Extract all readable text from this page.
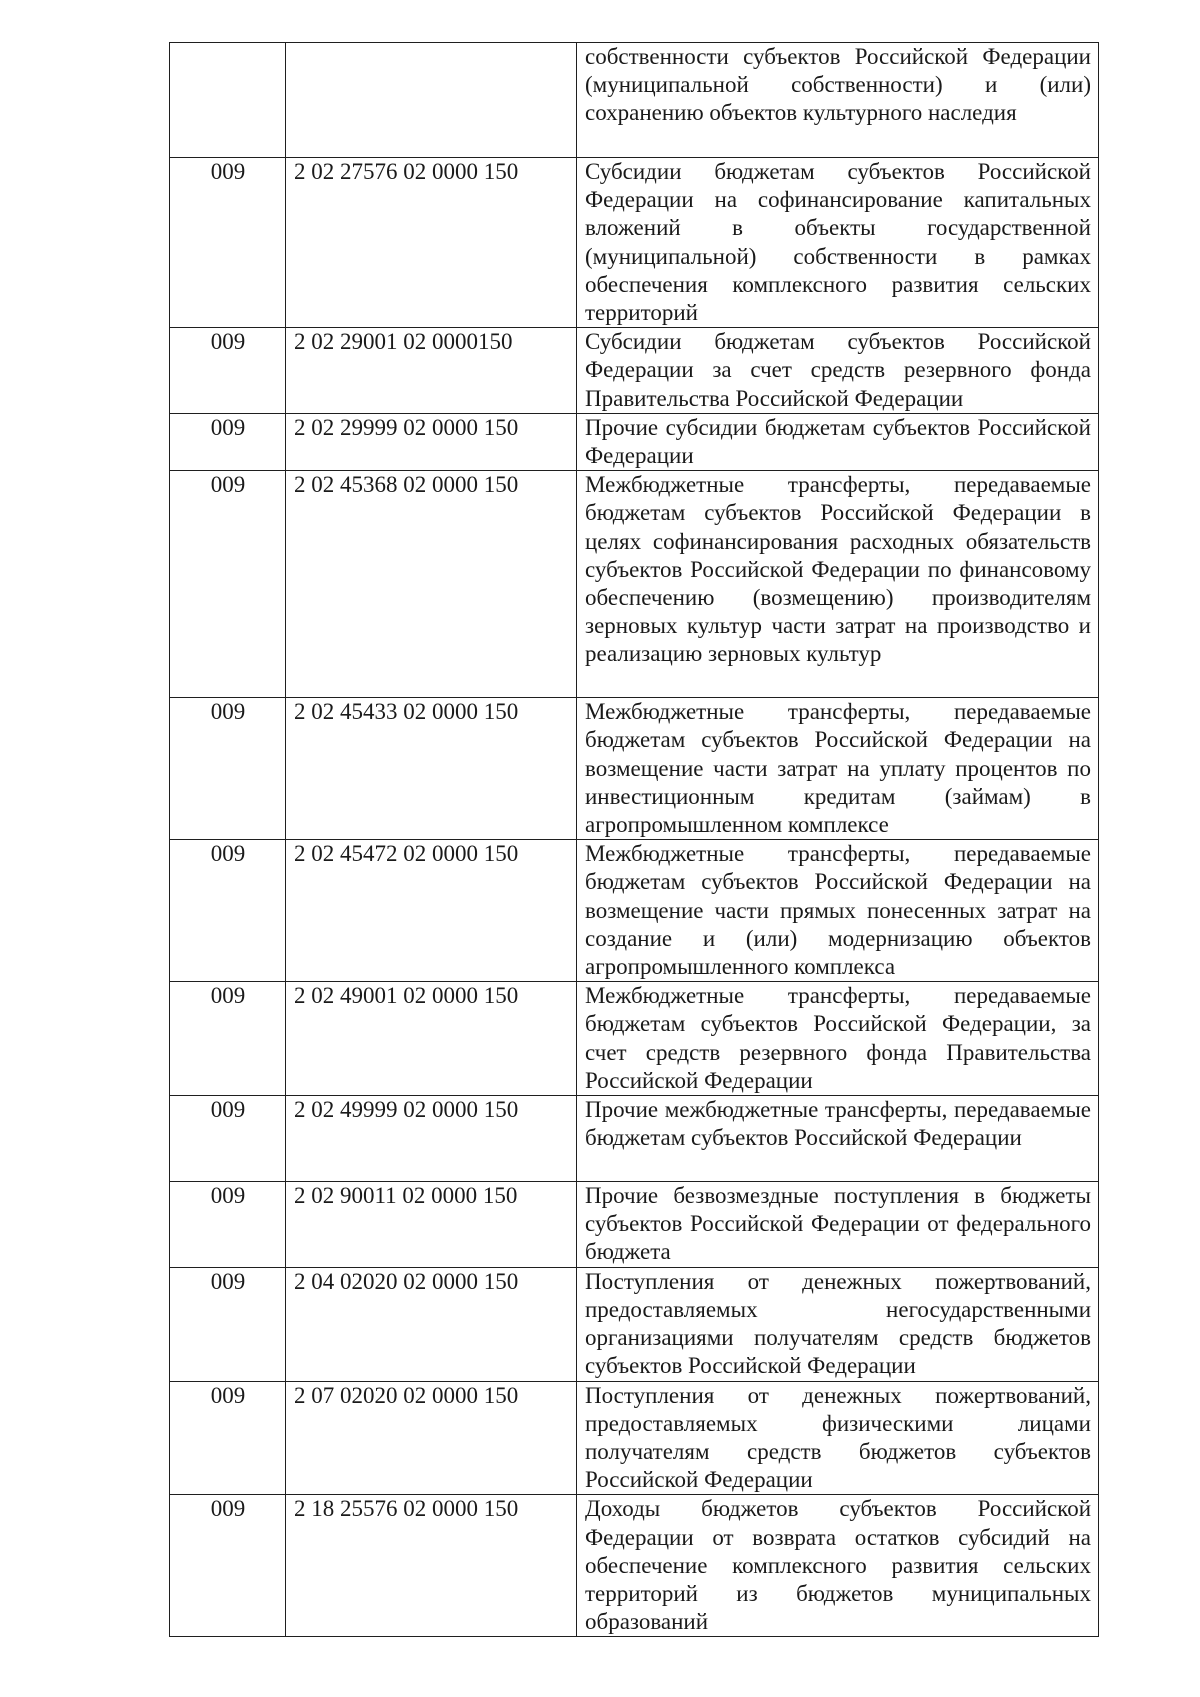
		собственности субъектов Российской Федерации (муниципальной собственности) и (или) сохранению объектов культурного наследия
009	2 02 27576 02 0000 150	Субсидии бюджетам субъектов Российской Федерации на софинансирование капитальных вложений в объекты государственной (муниципальной) собственности в рамках обеспечения комплексного развития сельских территорий
009	2 02 29001 02 0000150	Субсидии бюджетам субъектов Российской Федерации за счет средств резервного фонда Правительства Российской Федерации
009	2 02 29999 02 0000 150	Прочие субсидии бюджетам субъектов Российской Федерации
009	2 02 45368 02 0000 150	Межбюджетные трансферты, передаваемые бюджетам субъектов Российской Федерации в целях софинансирования расходных обязательств субъектов Российской Федерации по финансовому обеспечению (возмещению) производителям зерновых культур части затрат на производство и реализацию зерновых культур
009	2 02 45433 02 0000 150	Межбюджетные трансферты, передаваемые бюджетам субъектов Российской Федерации на возмещение части затрат на уплату процентов по инвестиционным кредитам (займам) в агропромышленном комплексе
009	2 02 45472 02 0000 150	Межбюджетные трансферты, передаваемые бюджетам субъектов Российской Федерации на возмещение части прямых понесенных затрат на создание и (или) модернизацию объектов агропромышленного комплекса
009	2 02 49001 02 0000 150	Межбюджетные трансферты, передаваемые бюджетам субъектов Российской Федерации, за счет средств резервного фонда Правительства Российской Федерации
009	2 02 49999 02 0000 150	Прочие межбюджетные трансферты, передаваемые бюджетам субъектов Российской Федерации
009	2 02 90011 02 0000 150	Прочие безвозмездные поступления в бюджеты субъектов Российской Федерации от федерального бюджета
009	2 04 02020 02 0000 150	Поступления от денежных пожертвований, предоставляемых негосударственными организациями получателям средств бюджетов субъектов Российской Федерации
009	2 07 02020 02 0000 150	Поступления от денежных пожертвований, предоставляемых физическими лицами получателям средств бюджетов субъектов Российской Федерации
009	2 18 25576 02 0000 150	Доходы бюджетов субъектов Российской Федерации от возврата остатков субсидий на обеспечение комплексного развития сельских территорий из бюджетов муниципальных образований
